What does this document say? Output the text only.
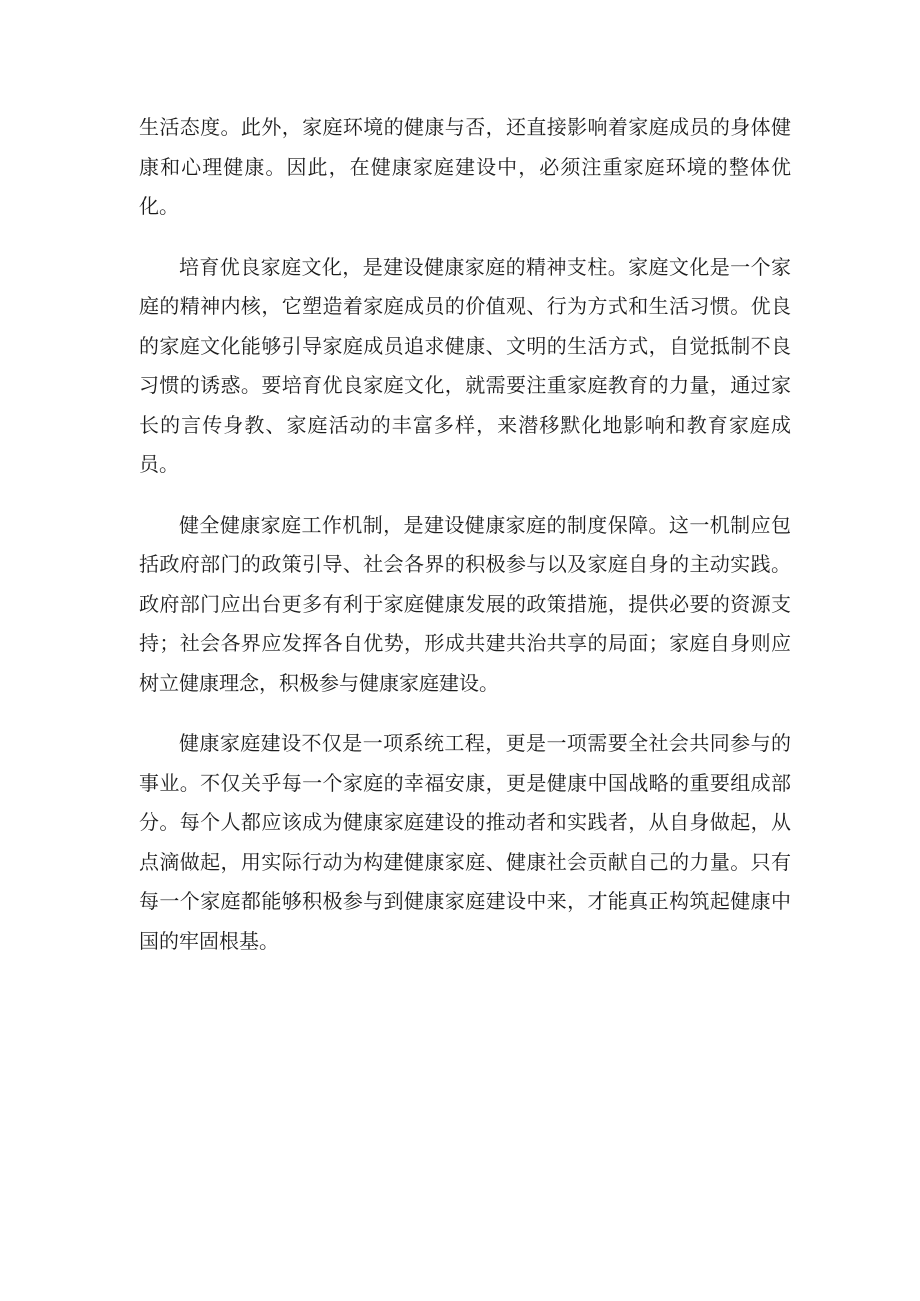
生活态度。此外，家庭环境的健康与否，还直接影响着家庭成员的身体健康和心理健康。因此，在健康家庭建设中，必须注重家庭环境的整体优化。

培育优良家庭文化，是建设健康家庭的精神支柱。家庭文化是一个家庭的精神内核，它塑造着家庭成员的价值观、行为方式和生活习惯。优良的家庭文化能够引导家庭成员追求健康、文明的生活方式，自觉抵制不良习惯的诱惑。要培育优良家庭文化，就需要注重家庭教育的力量，通过家长的言传身教、家庭活动的丰富多样，来潜移默化地影响和教育家庭成员。

健全健康家庭工作机制，是建设健康家庭的制度保障。这一机制应包括政府部门的政策引导、社会各界的积极参与以及家庭自身的主动实践。政府部门应出台更多有利于家庭健康发展的政策措施，提供必要的资源支持；社会各界应发挥各自优势，形成共建共治共享的局面；家庭自身则应树立健康理念，积极参与健康家庭建设。

健康家庭建设不仅是一项系统工程，更是一项需要全社会共同参与的事业。不仅关乎每一个家庭的幸福安康，更是健康中国战略的重要组成部分。每个人都应该成为健康家庭建设的推动者和实践者，从自身做起，从点滴做起，用实际行动为构建健康家庭、健康社会贡献自己的力量。只有每一个家庭都能够积极参与到健康家庭建设中来，才能真正构筑起健康中国的牢固根基。
